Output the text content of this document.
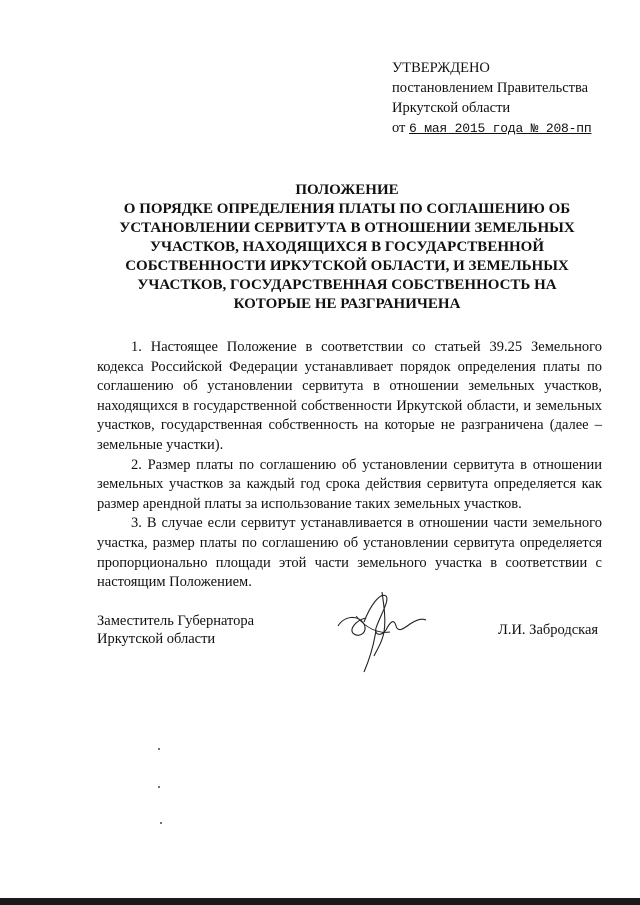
УТВЕРЖДЕНО
постановлением Правительства
Иркутской области
от 6 мая 2015 года № 208-пп
ПОЛОЖЕНИЕ
О ПОРЯДКЕ ОПРЕДЕЛЕНИЯ ПЛАТЫ ПО СОГЛАШЕНИЮ ОБ
УСТАНОВЛЕНИИ СЕРВИТУТА В ОТНОШЕНИИ ЗЕМЕЛЬНЫХ
УЧАСТКОВ, НАХОДЯЩИХСЯ В ГОСУДАРСТВЕННОЙ
СОБСТВЕННОСТИ ИРКУТСКОЙ ОБЛАСТИ, И ЗЕМЕЛЬНЫХ
УЧАСТКОВ, ГОСУДАРСТВЕННАЯ СОБСТВЕННОСТЬ НА
КОТОРЫЕ НЕ РАЗГРАНИЧЕНА

1. Настоящее Положение в соответствии со статьей 39.25 Земельного кодекса Российской Федерации устанавливает порядок определения платы по соглашению об установлении сервитута в отношении земельных участков, находящихся в государственной собственности Иркутской области, и земельных участков, государственная собственность на которые не разграничена (далее – земельные участки).

2. Размер платы по соглашению об установлении сервитута в отношении земельных участков за каждый год срока действия сервитута определяется как размер арендной платы за использование таких земельных участков.

3. В случае если сервитут устанавливается в отношении части земельного участка, размер платы по соглашению об установлении сервитута определяется пропорционально площади этой части земельного участка в соответствии с настоящим Положением.

Заместитель Губернатора
Иркутской области
Л.И. Забродская
